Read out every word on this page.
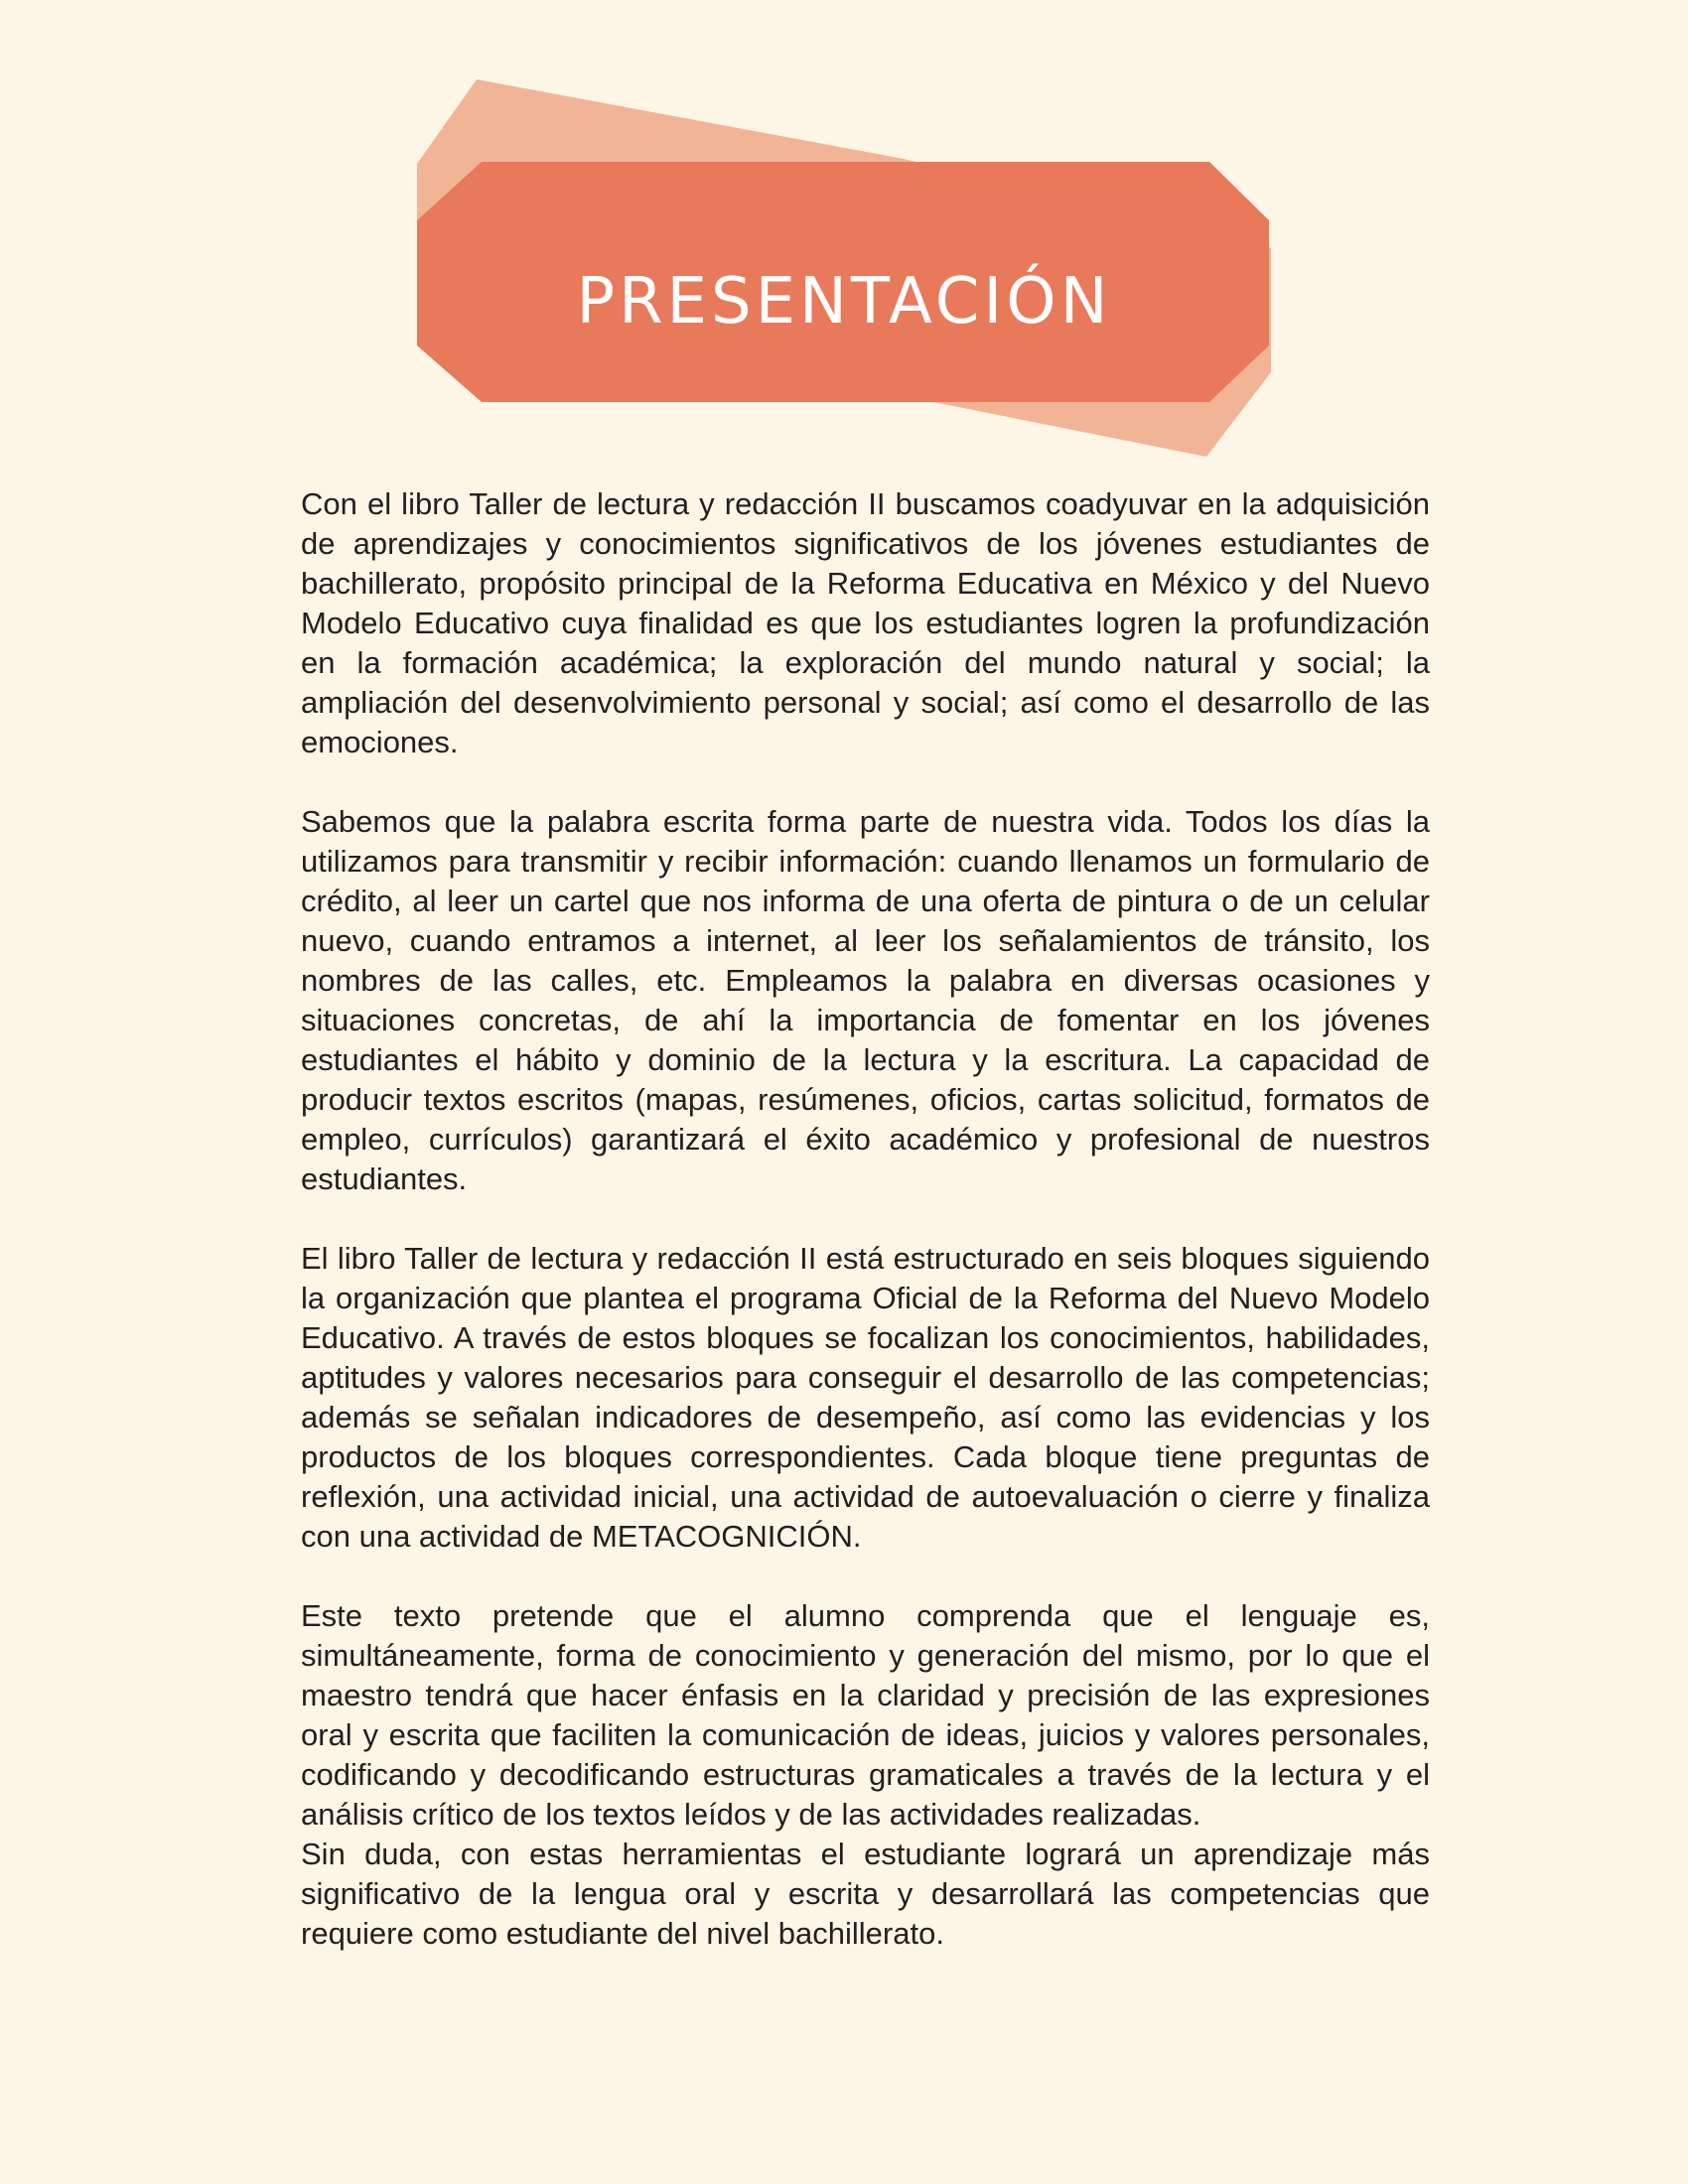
presentación

Con el libro Taller de lectura y redacción II buscamos coadyuvar en la adquisición de aprendizajes y conocimientos significativos de los jóvenes estudiantes de bachillerato, propósito principal de la Reforma Educativa en México y del Nuevo Modelo Educativo cuya finalidad es que los estudiantes logren la profundización en la formación académica; la exploración del mundo natural y social; la ampliación del desenvolvimiento personal y social; así como el desarrollo de las emociones.

Sabemos que la palabra escrita forma parte de nuestra vida. Todos los días la utilizamos para transmitir y recibir información: cuando llenamos un formulario de crédito, al leer un cartel que nos informa de una oferta de pintura o de un celular nuevo, cuando entramos a internet, al leer los señalamientos de tránsito, los nombres de las calles, etc. Empleamos la palabra en diversas ocasiones y situaciones concretas, de ahí la importancia de fomentar en los jóvenes estudiantes el hábito y dominio de la lectura y la escritura. La capacidad de producir textos escritos (mapas, resúmenes, oficios, cartas solicitud, formatos de empleo, currículos) garantizará el éxito académico y profesional de nuestros estudiantes.

El libro Taller de lectura y redacción II está estructurado en seis bloques siguiendo la organización que plantea el programa Oficial de la Reforma del Nuevo Modelo Educativo. A través de estos bloques se focalizan los conocimientos, habilidades, aptitudes y valores necesarios para conseguir el desarrollo de las competencias; además se señalan indicadores de desempeño, así como las evidencias y los productos de los bloques correspondientes. Cada bloque tiene preguntas de reflexión, una actividad inicial, una actividad de autoevaluación o cierre y finaliza con una actividad de METACOGNICIÓN.

Este texto pretende que el alumno comprenda que el lenguaje es, simultáneamente, forma de conocimiento y generación del mismo, por lo que el maestro tendrá que hacer énfasis en la claridad y precisión de las expresiones oral y escrita que faciliten la comunicación de ideas, juicios y valores personales, codificando y decodificando estructuras gramaticales a través de la lectura y el análisis crítico de los textos leídos y de las actividades realizadas.

Sin duda, con estas herramientas el estudiante logrará un aprendizaje más significativo de la lengua oral y escrita y desarrollará las competencias que requiere como estudiante del nivel bachillerato.
